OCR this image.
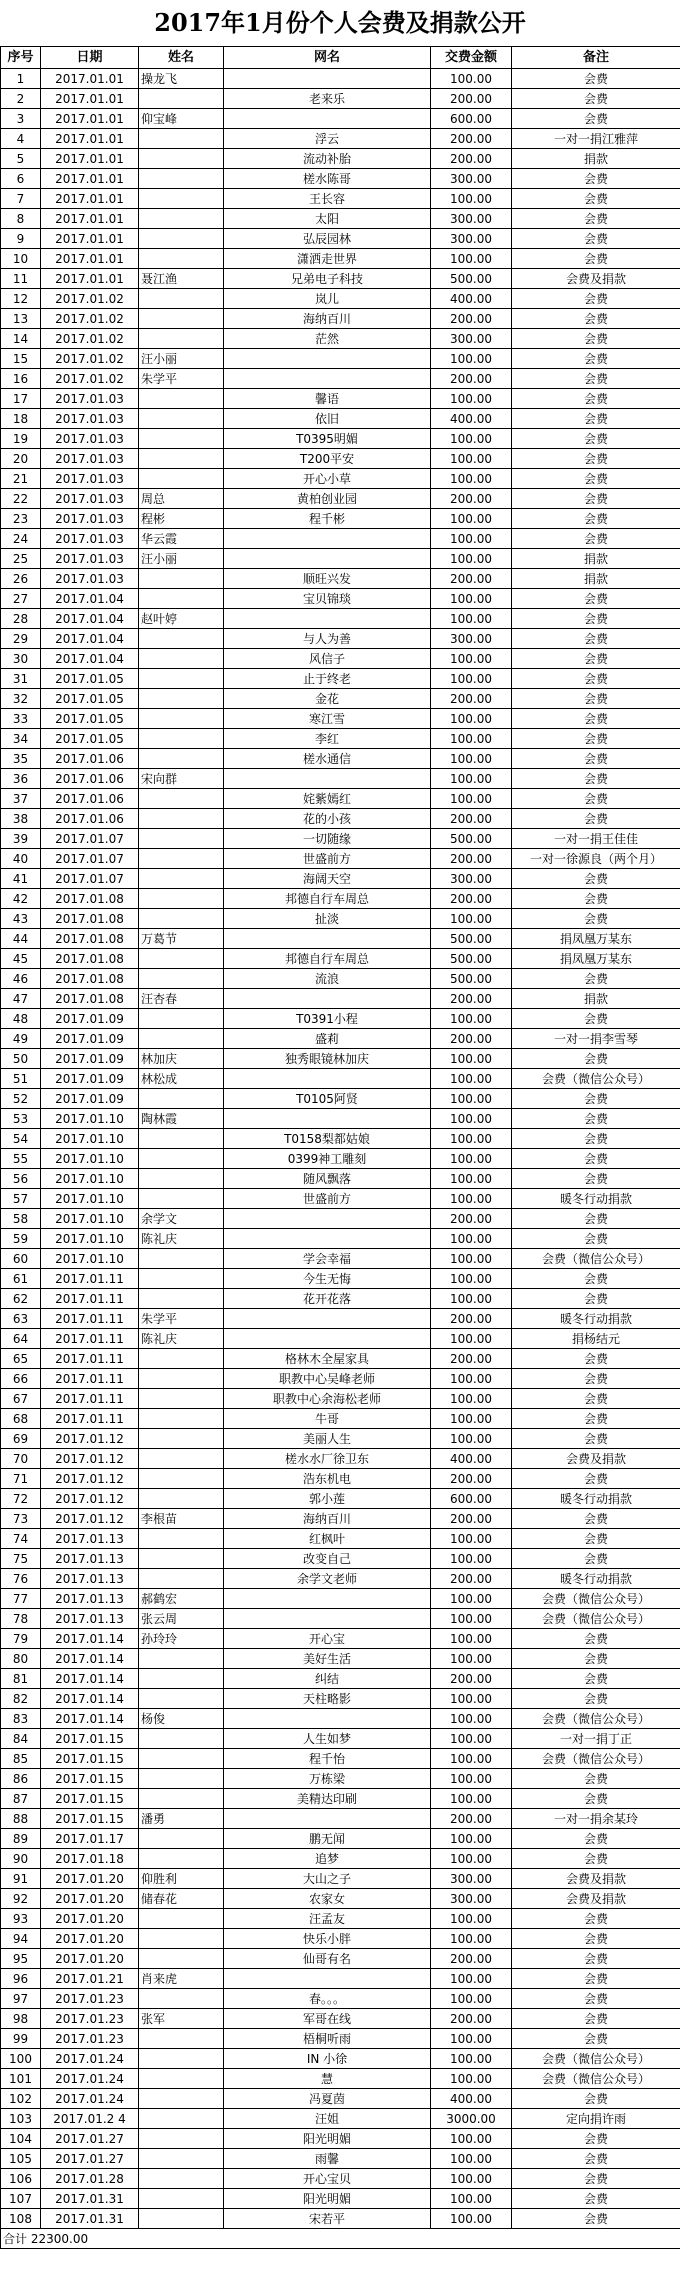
2017年1月份个人会费及捐款公开
序号	日期	姓名	网名	交费金额	备注
1	2017.01.01	操龙飞		100.00	会费
2	2017.01.01		老来乐	200.00	会费
3	2017.01.01	仰宝峰		600.00	会费
4	2017.01.01		浮云	200.00	一对一捐江雅萍
5	2017.01.01		流动补胎	200.00	捐款
6	2017.01.01		槎水陈哥	300.00	会费
7	2017.01.01		王长容	100.00	会费
8	2017.01.01		太阳	300.00	会费
9	2017.01.01		弘辰园林	300.00	会费
10	2017.01.01		潇洒走世界	100.00	会费
11	2017.01.01	聂江渔	兄弟电子科技	500.00	会费及捐款
12	2017.01.02		岚儿	400.00	会费
13	2017.01.02		海纳百川	200.00	会费
14	2017.01.02		茫然	300.00	会费
15	2017.01.02	汪小丽		100.00	会费
16	2017.01.02	朱学平		200.00	会费
17	2017.01.03		馨语	100.00	会费
18	2017.01.03		依旧	400.00	会费
19	2017.01.03		T0395明媚	100.00	会费
20	2017.01.03		T200平安	100.00	会费
21	2017.01.03		开心小草	100.00	会费
22	2017.01.03	周总	黄柏创业园	200.00	会费
23	2017.01.03	程彬	程千彬	100.00	会费
24	2017.01.03	华云霞		100.00	会费
25	2017.01.03	汪小丽		100.00	捐款
26	2017.01.03		顺旺兴发	200.00	捐款
27	2017.01.04		宝贝锦琰	100.00	会费
28	2017.01.04	赵叶婷		100.00	会费
29	2017.01.04		与人为善	300.00	会费
30	2017.01.04		风信子	100.00	会费
31	2017.01.05		止于终老	100.00	会费
32	2017.01.05		金花	200.00	会费
33	2017.01.05		寒江雪	100.00	会费
34	2017.01.05		李红	100.00	会费
35	2017.01.06		槎水通信	100.00	会费
36	2017.01.06	宋向群		100.00	会费
37	2017.01.06		姹紫嫣红	100.00	会费
38	2017.01.06		花的小孩	200.00	会费
39	2017.01.07		一切随缘	500.00	一对一捐王佳佳
40	2017.01.07		世盛前方	200.00	一对一徐源良（两个月）
41	2017.01.07		海阔天空	300.00	会费
42	2017.01.08		邦德自行车周总	200.00	会费
43	2017.01.08		扯淡	100.00	会费
44	2017.01.08	万葛节		500.00	捐凤凰万某东
45	2017.01.08		邦德自行车周总	500.00	捐凤凰万某东
46	2017.01.08		流浪	500.00	会费
47	2017.01.08	汪杏春		200.00	捐款
48	2017.01.09		T0391小程	100.00	会费
49	2017.01.09		盛莉	200.00	一对一捐李雪琴
50	2017.01.09	林加庆	独秀眼镜林加庆	100.00	会费
51	2017.01.09	林松成		100.00	会费（微信公众号）
52	2017.01.09		T0105阿贤	100.00	会费
53	2017.01.10	陶林霞		100.00	会费
54	2017.01.10		T0158梨都姑娘	100.00	会费
55	2017.01.10		0399神工雕刻	100.00	会费
56	2017.01.10		随风飘落	100.00	会费
57	2017.01.10		世盛前方	100.00	暖冬行动捐款
58	2017.01.10	余学文		200.00	会费
59	2017.01.10	陈礼庆		100.00	会费
60	2017.01.10		学会幸福	100.00	会费（微信公众号）
61	2017.01.11		今生无悔	100.00	会费
62	2017.01.11		花开花落	100.00	会费
63	2017.01.11	朱学平		200.00	暖冬行动捐款
64	2017.01.11	陈礼庆		100.00	捐杨结元
65	2017.01.11		格林木全屋家具	200.00	会费
66	2017.01.11		职教中心吴峰老师	100.00	会费
67	2017.01.11		职教中心余海松老师	100.00	会费
68	2017.01.11		牛哥	100.00	会费
69	2017.01.12		美丽人生	100.00	会费
70	2017.01.12		槎水水厂徐卫东	400.00	会费及捐款
71	2017.01.12		浩东机电	200.00	会费
72	2017.01.12		郭小莲	600.00	暖冬行动捐款
73	2017.01.12	李根苗	海纳百川	200.00	会费
74	2017.01.13		红枫叶	100.00	会费
75	2017.01.13		改变自己	100.00	会费
76	2017.01.13		余学文老师	200.00	暖冬行动捐款
77	2017.01.13	郝鹤宏		100.00	会费（微信公众号）
78	2017.01.13	张云周		100.00	会费（微信公众号）
79	2017.01.14	孙玲玲	开心宝	100.00	会费
80	2017.01.14		美好生活	100.00	会费
81	2017.01.14		纠结	200.00	会费
82	2017.01.14		天柱略影	100.00	会费
83	2017.01.14	杨俊		100.00	会费（微信公众号）
84	2017.01.15		人生如梦	100.00	一对一捐丁正
85	2017.01.15		程千怡	100.00	会费（微信公众号）
86	2017.01.15		万栋梁	100.00	会费
87	2017.01.15		美精达印刷	100.00	会费
88	2017.01.15	潘勇		200.00	一对一捐余某玲
89	2017.01.17		鹏无闻	100.00	会费
90	2017.01.18		追梦	100.00	会费
91	2017.01.20	仰胜利	大山之子	300.00	会费及捐款
92	2017.01.20	储春花	农家女	300.00	会费及捐款
93	2017.01.20		汪孟友	100.00	会费
94	2017.01.20		快乐小胖	100.00	会费
95	2017.01.20		仙哥有名	200.00	会费
96	2017.01.21	肖来虎		100.00	会费
97	2017.01.23		春。。。	100.00	会费
98	2017.01.23	张军	军哥在线	200.00	会费
99	2017.01.23		梧桐听雨	100.00	会费
100	2017.01.24		IN 小徐	100.00	会费（微信公众号）
101	2017.01.24		慧	100.00	会费（微信公众号）
102	2017.01.24		冯夏茵	400.00	会费
103	2017.01.2 4		汪姐	3000.00	定向捐许雨
104	2017.01.27		阳光明媚	100.00	会费
105	2017.01.27		雨馨	100.00	会费
106	2017.01.28		开心宝贝	100.00	会费
107	2017.01.31		阳光明媚	100.00	会费
108	2017.01.31		宋若平	100.00	会费
合计 22300.00					
